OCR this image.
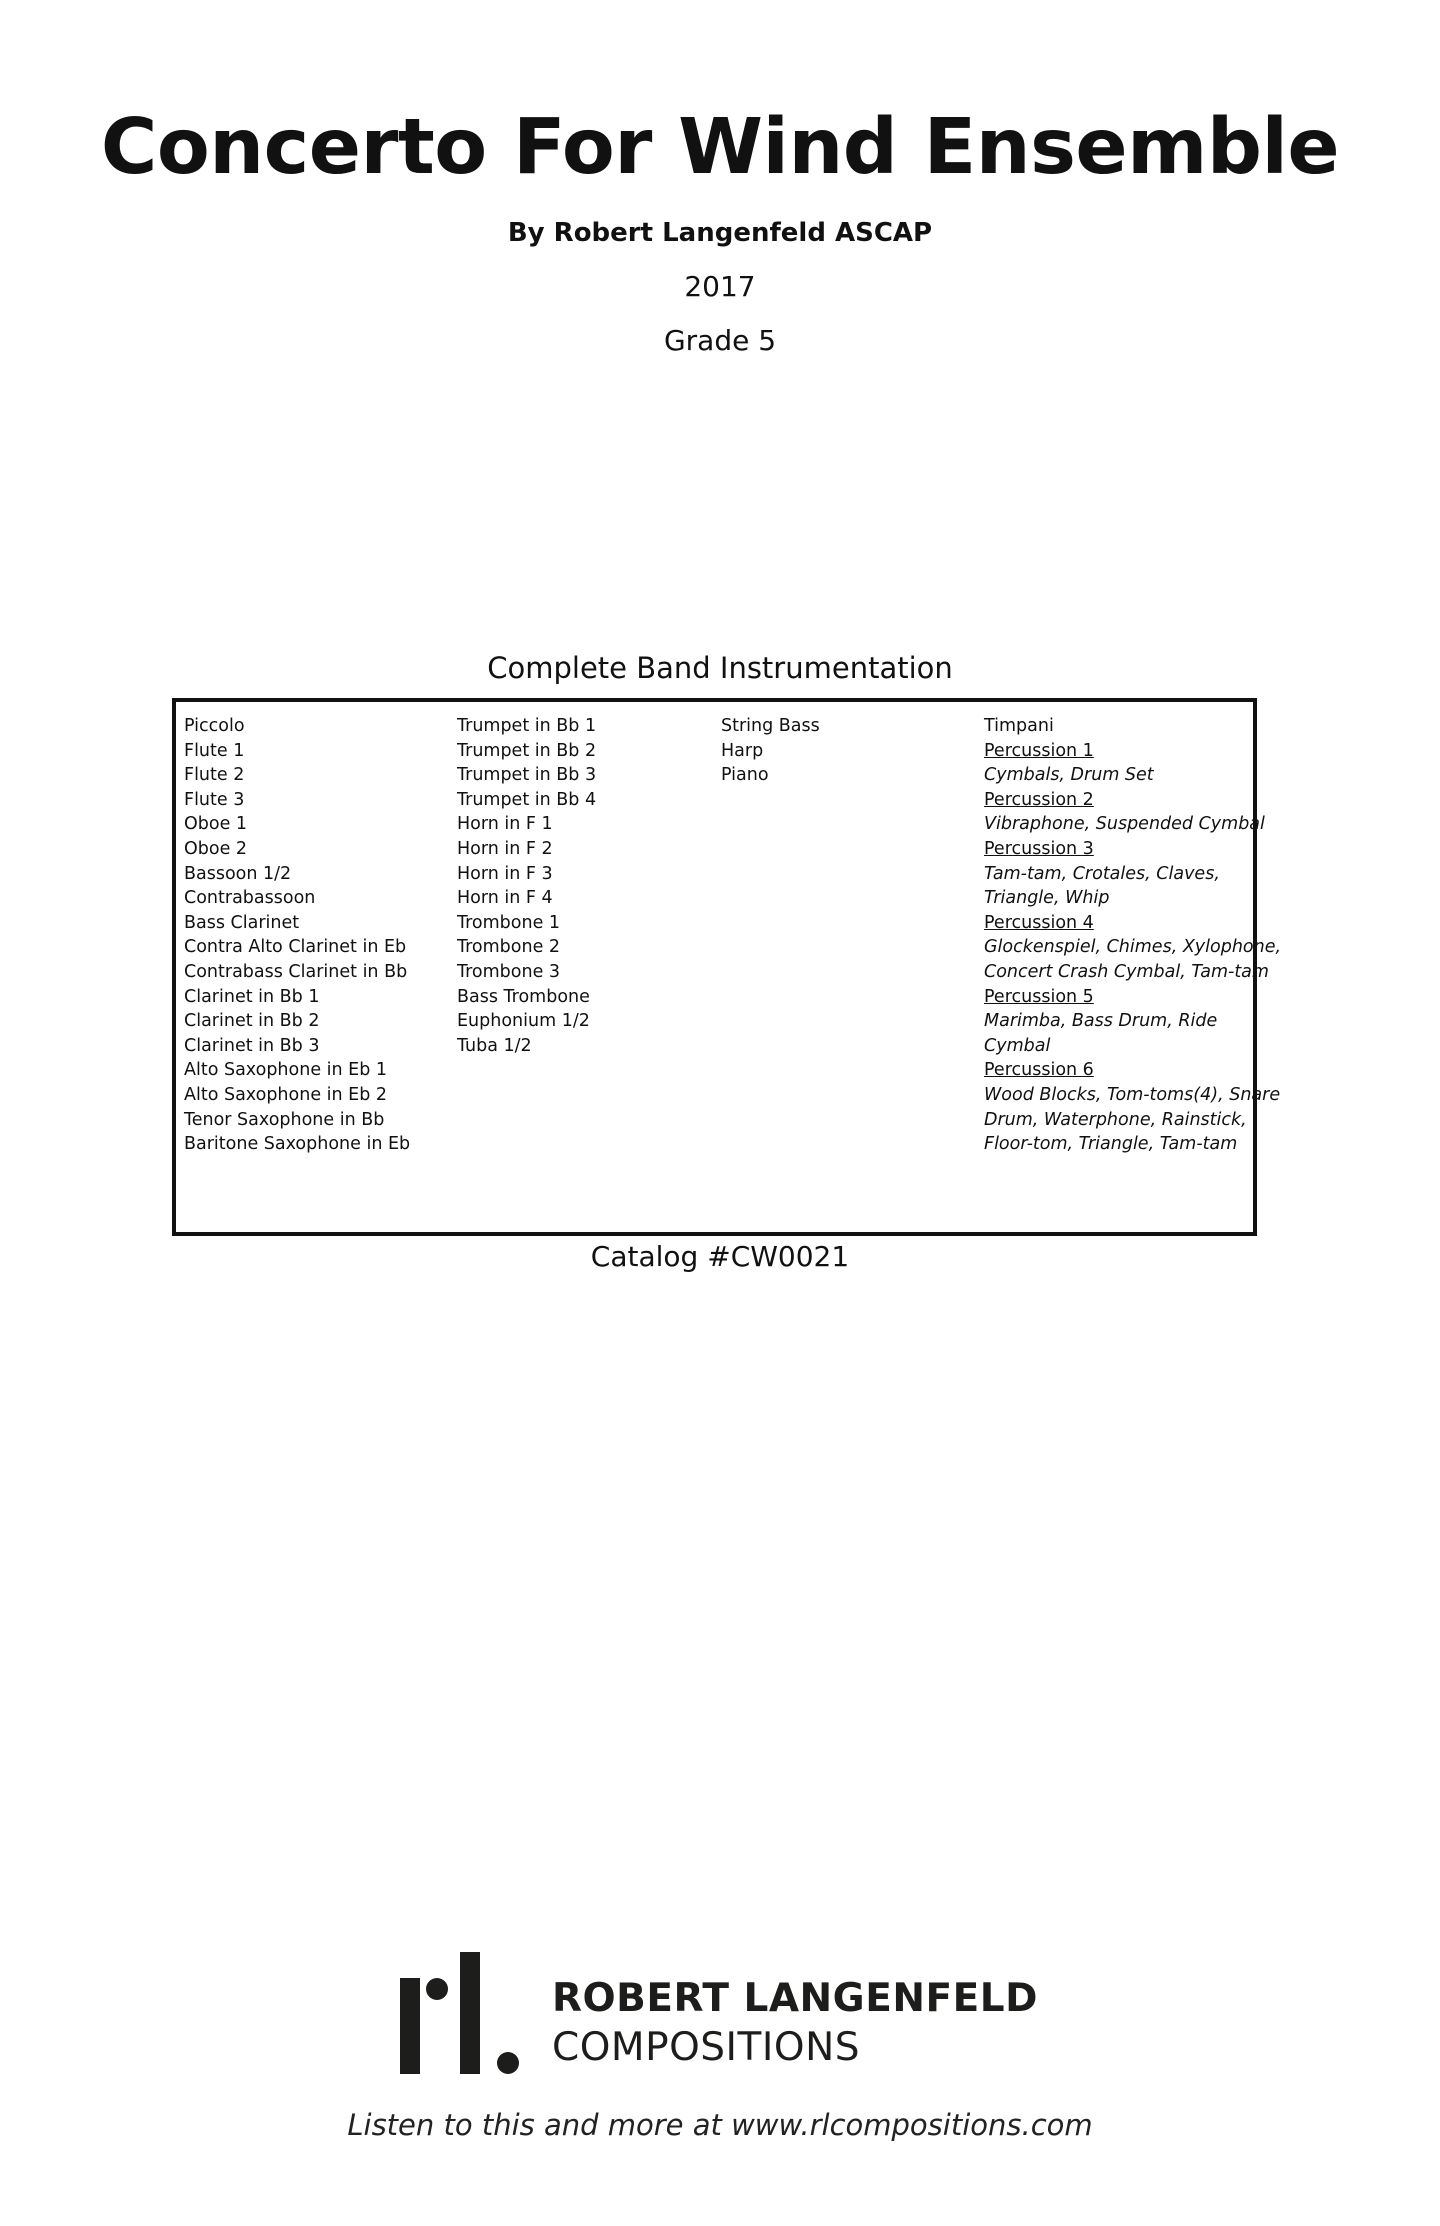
Concerto For Wind Ensemble
By Robert Langenfeld ASCAP
2017
Grade 5
Complete Band Instrumentation
Piccolo
Flute 1
Flute 2
Flute 3
Oboe 1
Oboe 2
Bassoon 1/2
Contrabassoon
Bass Clarinet
Contra Alto Clarinet in Eb
Contrabass Clarinet in Bb
Clarinet in Bb 1
Clarinet in Bb 2
Clarinet in Bb 3
Alto Saxophone in Eb 1
Alto Saxophone in Eb 2
Tenor Saxophone in Bb
Baritone Saxophone in Eb
Trumpet in Bb 1
Trumpet in Bb 2
Trumpet in Bb 3
Trumpet in Bb 4
Horn in F 1
Horn in F 2
Horn in F 3
Horn in F 4
Trombone 1
Trombone 2
Trombone 3
Bass Trombone
Euphonium 1/2
Tuba 1/2
String Bass
Harp
Piano
Timpani
Percussion 1
Cymbals, Drum Set
Percussion 2
Vibraphone, Suspended Cymbal
Percussion 3
Tam-tam, Crotales, Claves,
Triangle, Whip
Percussion 4
Glockenspiel, Chimes, Xylophone,
Concert Crash Cymbal, Tam-tam
Percussion 5
Marimba, Bass Drum, Ride
Cymbal
Percussion 6
Wood Blocks, Tom-toms(4), Snare
Drum, Waterphone, Rainstick,
Floor-tom, Triangle, Tam-tam
Catalog #CW0021
ROBERT LANGENFELD
COMPOSITIONS
Listen to this and more at www.rlcompositions.com
